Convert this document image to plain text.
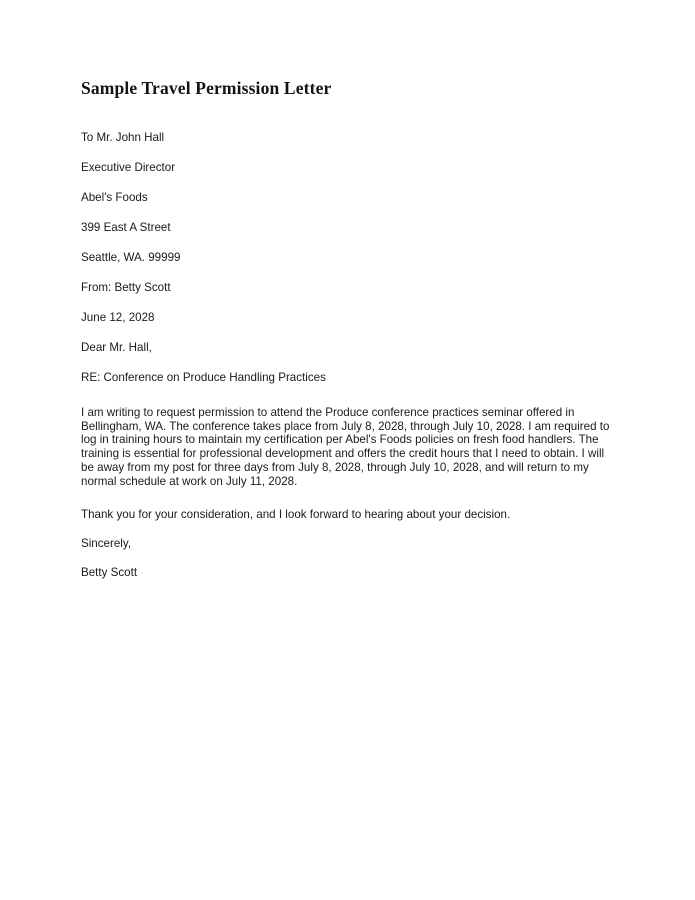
Sample Travel Permission Letter

To Mr. John Hall

Executive Director

Abel's Foods

399 East A Street

Seattle, WA. 99999

From: Betty Scott

June 12, 2028

Dear Mr. Hall,

RE: Conference on Produce Handling Practices

I am writing to request permission to attend the Produce conference practices seminar offered in Bellingham, WA. The conference takes place from July 8, 2028, through July 10, 2028. I am required to log in training hours to maintain my certification per Abel's Foods policies on fresh food handlers. The training is essential for professional development and offers the credit hours that I need to obtain. I will be away from my post for three days from July 8, 2028, through July 10, 2028, and will return to my normal schedule at work on July 11, 2028.

Thank you for your consideration, and I look forward to hearing about your decision.

Sincerely,

Betty Scott
